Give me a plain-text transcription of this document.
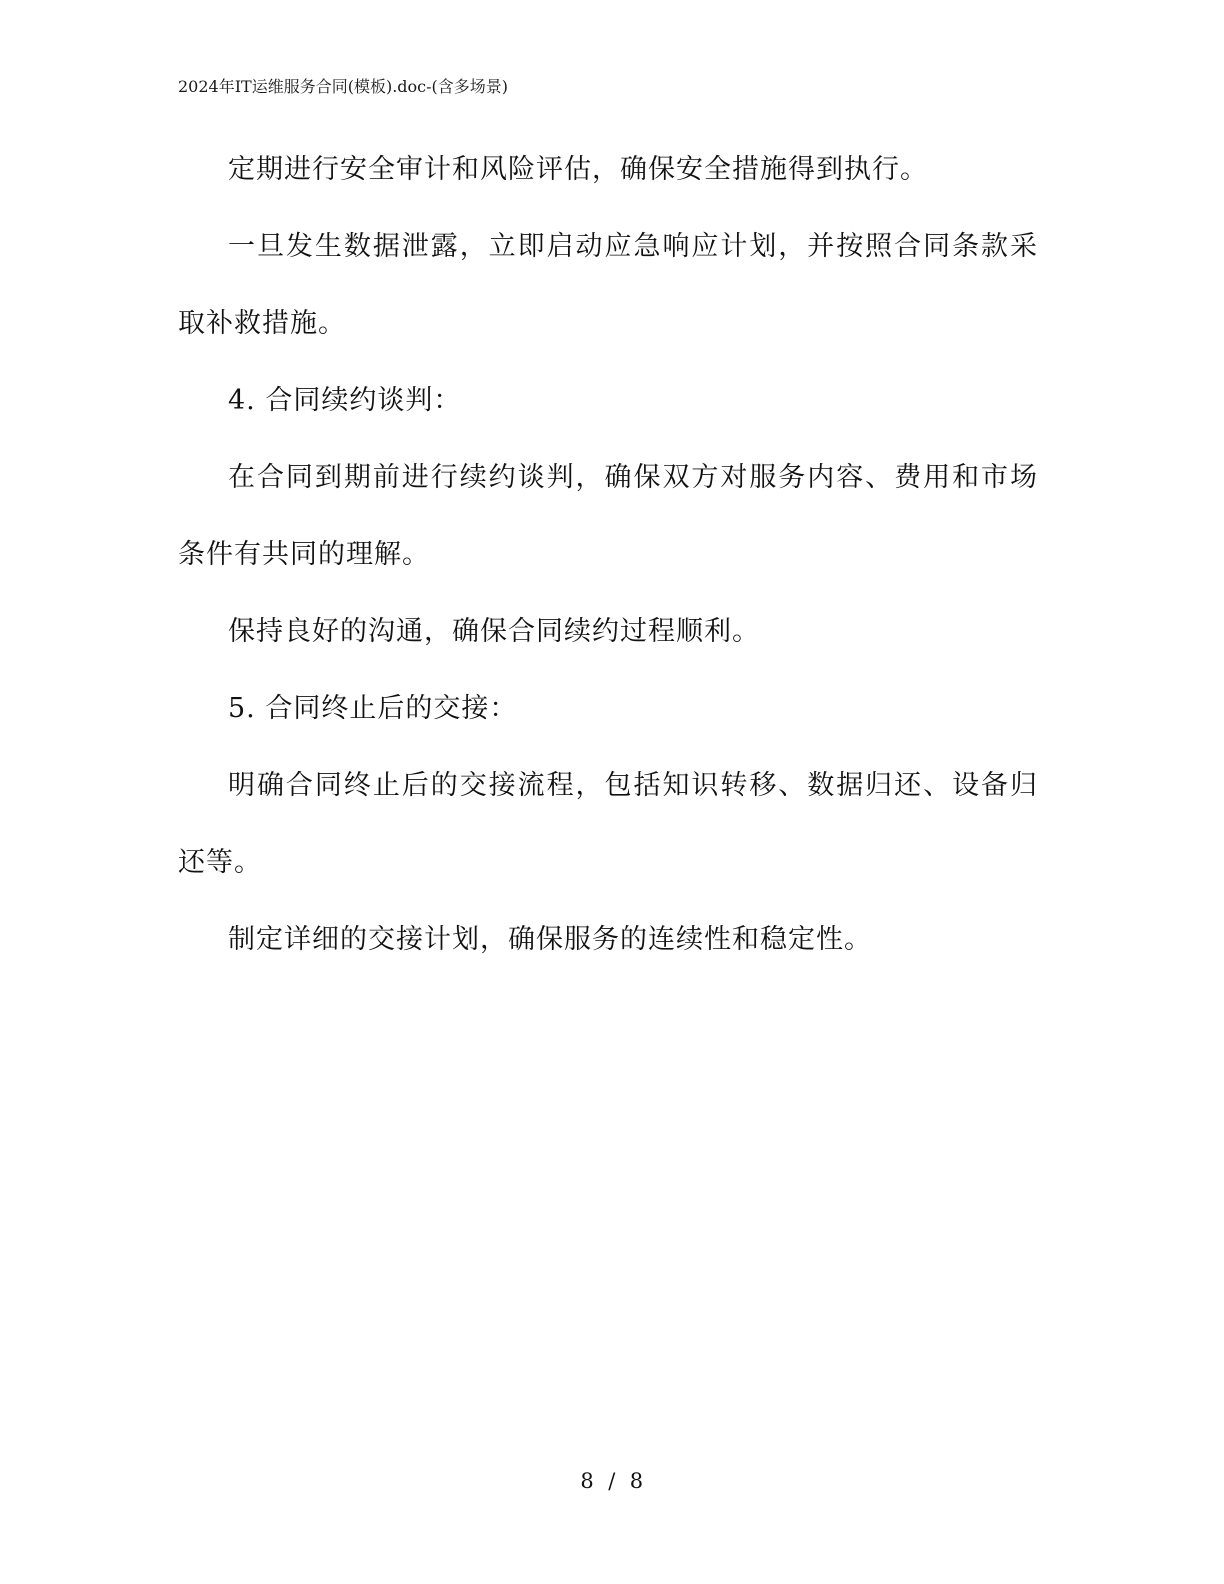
2024年IT运维服务合同(模板).doc-(含多场景)

定期进行安全审计和风险评估，确保安全措施得到执行。

一旦发生数据泄露，立即启动应急响应计划，并按照合同条款采取补救措施。

4. 合同续约谈判：

在合同到期前进行续约谈判，确保双方对服务内容、费用和市场条件有共同的理解。

保持良好的沟通，确保合同续约过程顺利。

5. 合同终止后的交接：

明确合同终止后的交接流程，包括知识转移、数据归还、设备归还等。

制定详细的交接计划，确保服务的连续性和稳定性。

8 / 8
